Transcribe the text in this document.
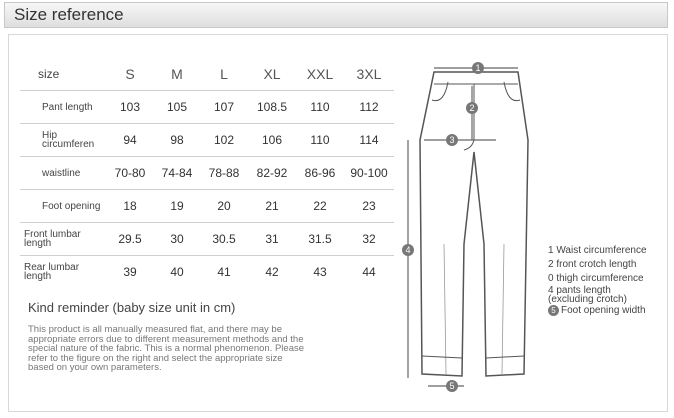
Size reference
size	S	M	L	XL	XXL	3XL
Pant length	103	105	107	108.5	110	112
Hip circumferen	94	98	102	106	110	114
waistline	70-80	74-84	78-88	82-92	86-96	90-100
Foot opening	18	19	20	21	22	23
Front lumbar length	29.5	30	30.5	31	31.5	32
Rear lumbar length	39	40	41	42	43	44
Kind reminder (baby size unit in cm)
This product is all manually measured flat, and there may be appropriate errors due to different measurement methods and the special nature of the fabric. This is a normal phenomenon. Please refer to the figure on the right and select the appropriate size based on your own parameters.
1
2
3
4
5
1 Waist circumference
2 front crotch length
0 thigh circumference
4 pants length
(excluding crotch)
5 Foot opening width
